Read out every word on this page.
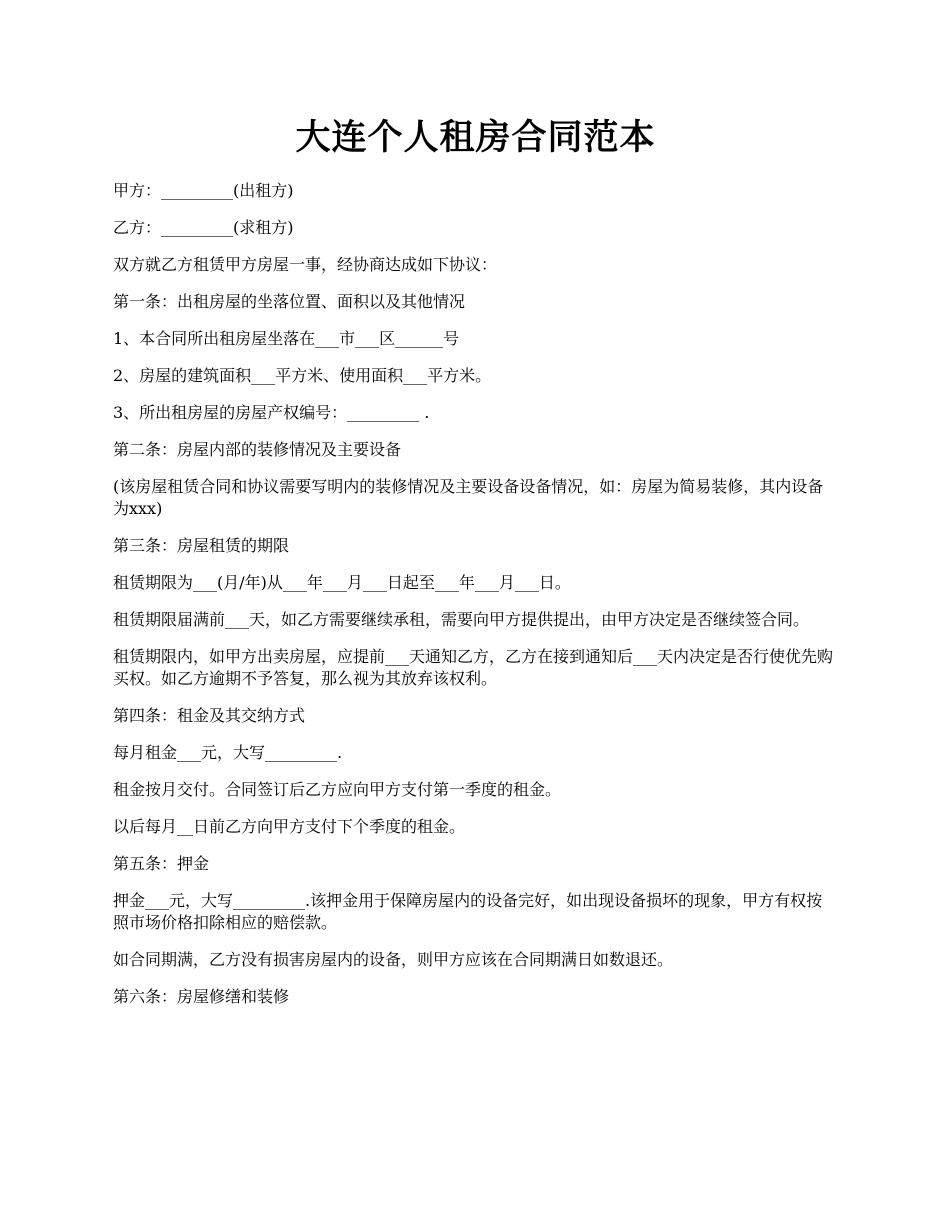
大连个人租房合同范本

甲方：_________(出租方)

乙方：_________(求租方)

双方就乙方租赁甲方房屋一事，经协商达成如下协议：

第一条：出租房屋的坐落位置、面积以及其他情况

1、本合同所出租房屋坐落在___市___区______号

2、房屋的建筑面积___平方米、使用面积___平方米。

3、所出租房屋的房屋产权编号：_________ .

第二条：房屋内部的装修情况及主要设备

(该房屋租赁合同和协议需要写明内的装修情况及主要设备设备情况，如：房屋为简易装修，其内设备为xxx)

第三条：房屋租赁的期限

租赁期限为___(月/年)从___年___月___日起至___年___月___日。

租赁期限届满前___天，如乙方需要继续承租，需要向甲方提供提出，由甲方决定是否继续签合同。

租赁期限内，如甲方出卖房屋，应提前___天通知乙方，乙方在接到通知后___天内决定是否行使优先购买权。如乙方逾期不予答复，那么视为其放弃该权利。

第四条：租金及其交纳方式

每月租金___元，大写_________.

租金按月交付。合同签订后乙方应向甲方支付第一季度的租金。

以后每月__日前乙方向甲方支付下个季度的租金。

第五条：押金

押金___元，大写_________.该押金用于保障房屋内的设备完好，如出现设备损坏的现象，甲方有权按照市场价格扣除相应的赔偿款。

如合同期满，乙方没有损害房屋内的设备，则甲方应该在合同期满日如数退还。

第六条：房屋修缮和装修
